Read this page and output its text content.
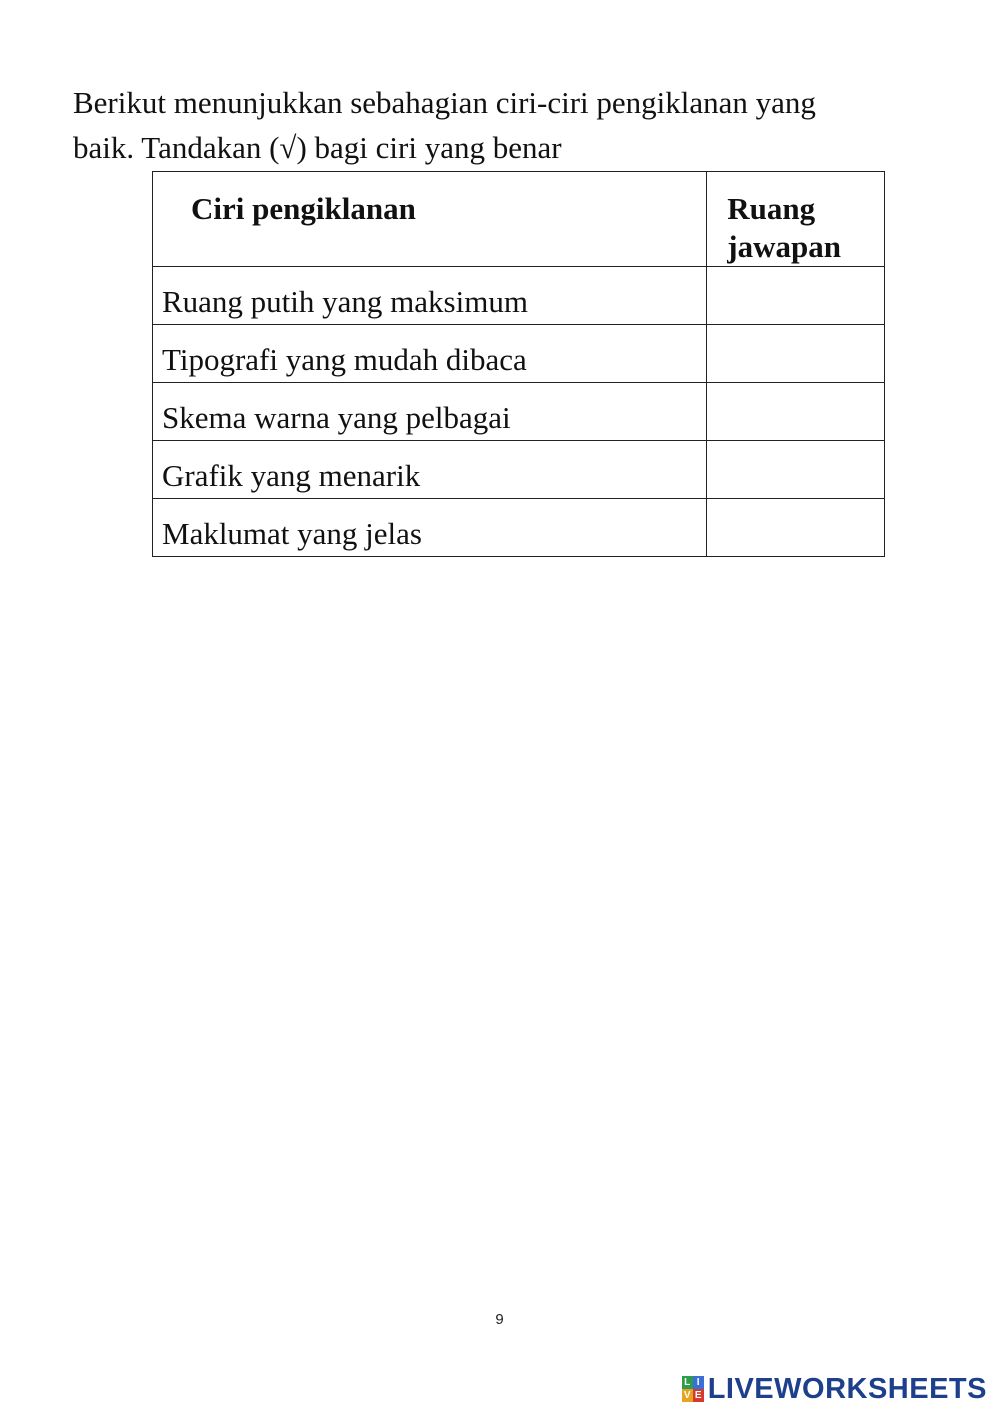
Berikut menunjukkan sebahagian ciri-ciri pengiklanan yang
baik. Tandakan (√) bagi ciri yang benar

Ciri pengiklanan	Ruang jawapan

Ruang putih yang maksimum	

Tipografi yang mudah dibaca	

Skema warna yang pelbagai	

Grafik yang menarik	

Maklumat yang jelas	

9
L I
V E LIVEWORKSHEETS
